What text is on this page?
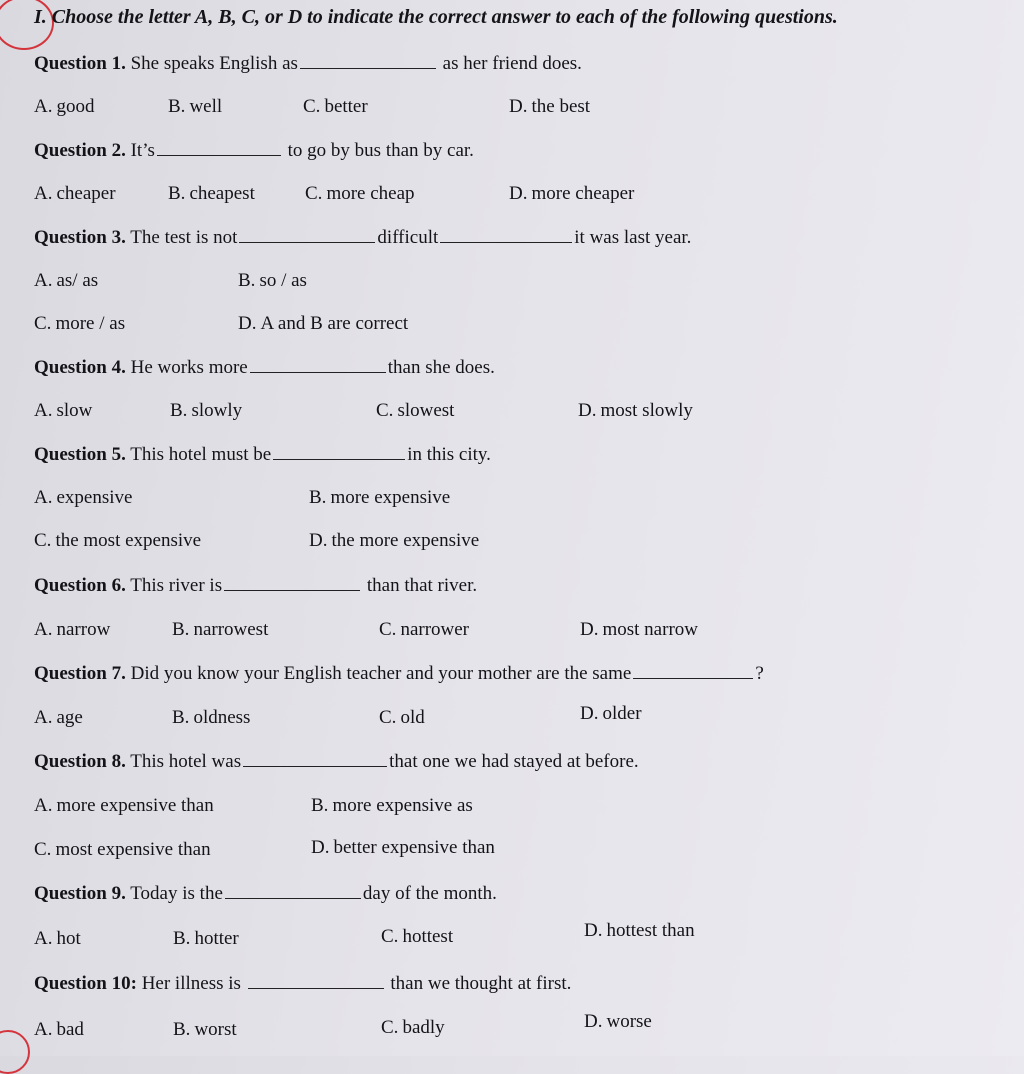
I. Choose the letter A, B, C, or D to indicate the correct answer to each of the following questions.
Question 1. She speaks English as	as her friend does.
A. good	B. well	C. better	D. the best
Question 2. It’s	to go by bus than by car.
A. cheaper	B. cheapest	C. more cheap	D. more cheaper
Question 3. The test is not	difficult	it was last year.
A. as/ as	B. so / as
C. more / as	D. A and B are correct
Question 4. He works more	than she does.
A. slow	B. slowly	C. slowest	D. most slowly
Question 5. This hotel must be	in this city.
A. expensive	B. more expensive
C. the most expensive	D. the more expensive
Question 6. This river is	than that river.
A. narrow	B. narrowest	C. narrower	D. most narrow
Question 7. Did you know your English teacher and your mother are the same	?
A. age	B. oldness	C. old	D. older
Question 8. This hotel was	that one we had stayed at before.
A. more expensive than	B. more expensive as
C. most expensive than	D. better expensive than
Question 9. Today is the	day of the month.
A. hot	B. hotter	C. hottest	D. hottest than
Question 10: Her illness is	than we thought at first.
A. bad	B. worst	C. badly	D. worse
